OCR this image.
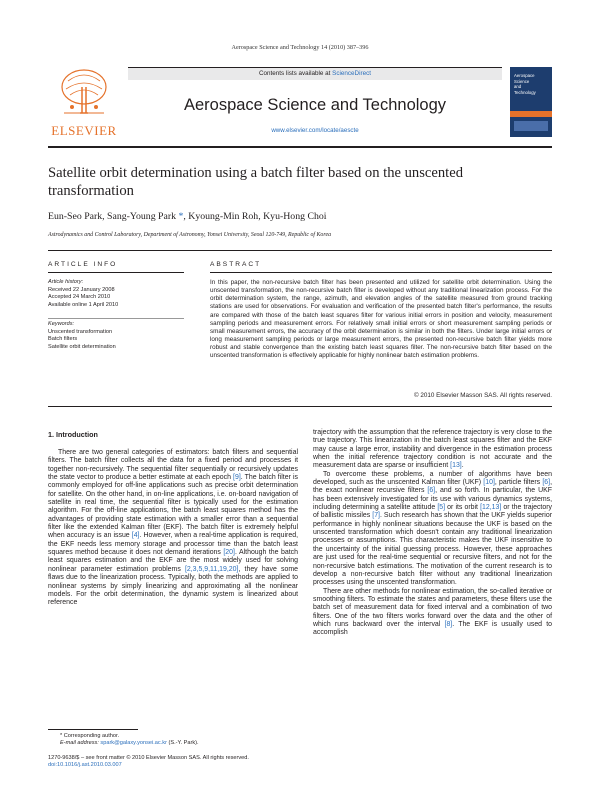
Aerospace Science and Technology 14 (2010) 387–396
ELSEVIER
Contents lists available at ScienceDirect
Aerospace Science and Technology
www.elsevier.com/locate/aescte
Aerospace
Science
and
Technology
Satellite orbit determination using a batch filter based on the unscented transformation
Eun-Seo Park, Sang-Young Park *, Kyoung-Min Roh, Kyu-Hong Choi
Astrodynamics and Control Laboratory, Department of Astronomy, Yonsei University, Seoul 120-749, Republic of Korea
ARTICLE INFO	ABSTRACT
Article history:
Received 22 January 2008
Accepted 24 March 2010
Available online 1 April 2010
Keywords:
Unscented transformation
Batch filters
Satellite orbit determination
In this paper, the non-recursive batch filter has been presented and utilized for satellite orbit determination. Using the unscented transformation, the non-recursive batch filter is developed without any traditional linearization process. For the orbit determination system, the range, azimuth, and elevation angles of the satellite measured from ground tracking stations are used for observations. For evaluation and verification of the presented batch filter's performance, the results are compared with those of the batch least squares filter for various initial errors in position and velocity, measurement sampling periods and measurement errors. For relatively small initial errors or short measurement sampling periods or small measurement errors, the accuracy of the orbit determination is similar in both the filters. Under large initial errors or long measurement sampling periods or large measurement errors, the presented non-recursive batch filter yields more robust and stable convergence than the existing batch least squares filter. The non-recursive batch filter based on the unscented transformation is effectively applicable for highly nonlinear batch estimation problems.
© 2010 Elsevier Masson SAS. All rights reserved.
1. Introduction

There are two general categories of estimators: batch filters and sequential filters. The batch filter collects all the data for a fixed period and processes it together non-recursively. The sequential filter sequentially or recursively updates the state vector to produce a better estimate at each epoch [9]. The batch filter is commonly employed for off-line applications such as precise orbit determination for satellite. On the other hand, in on-line applications, i.e. on-board navigation of satellite in real time, the sequential filter is typically used for the estimation algorithm. For the off-line applications, the batch least squares method has the advantages of providing state estimation with a smaller error than a sequential filter like the extended Kalman filter (EKF). The batch filter is extremely helpful when accuracy is an issue [4]. However, when a real-time application is required, the EKF needs less memory storage and processor time than the batch least squares method because it does not demand iterations [20]. Although the batch least squares estimation and the EKF are the most widely used for solving nonlinear parameter estimation problems [2,3,5,9,11,19,20], they have some flaws due to the linearization process. Typically, both the methods are applied to nonlinear systems by simply linearizing and approximating all the nonlinear models. For the orbit determination, the dynamic system is linearized about reference

trajectory with the assumption that the reference trajectory is very close to the true trajectory. This linearization in the batch least squares filter and the EKF may cause a large error, instability and divergence in the estimation process when the initial reference trajectory condition is not accurate and the measurement data are sparse or insufficient [13].

To overcome these problems, a number of algorithms have been developed, such as the unscented Kalman filter (UKF) [10], particle filters [6], the exact nonlinear recursive filters [6], and so forth. In particular, the UKF has been extensively investigated for its use with various dynamics systems, including determining a satellite attitude [5] or its orbit [12,13] or the trajectory of ballistic missiles [7]. Such research has shown that the UKF yields superior performance in highly nonlinear situations because the UKF is based on the unscented transformation which doesn't contain any traditional linearization processes or assumptions. This characteristic makes the UKF insensitive to the uncertainty of the initial guessing process. However, these approaches are just used for the real-time sequential or recursive filters, and not for the non-recursive batch estimations. The motivation of the current research is to develop a non-recursive batch filter without any traditional linearization processes using the unscented transformation.

There are other methods for nonlinear estimation, the so-called iterative or smoothing filters. To estimate the states and parameters, these filters use the batch set of measurement data for fixed interval and a combination of two filters. One of the two filters works forward over the data and the other of which runs backward over the interval [8]. The EKF is usually used to accomplish

* Corresponding author.
E-mail address: spark@galaxy.yonsei.ac.kr (S.-Y. Park).
1270-9638/$ – see front matter © 2010 Elsevier Masson SAS. All rights reserved.
doi:10.1016/j.ast.2010.03.007
